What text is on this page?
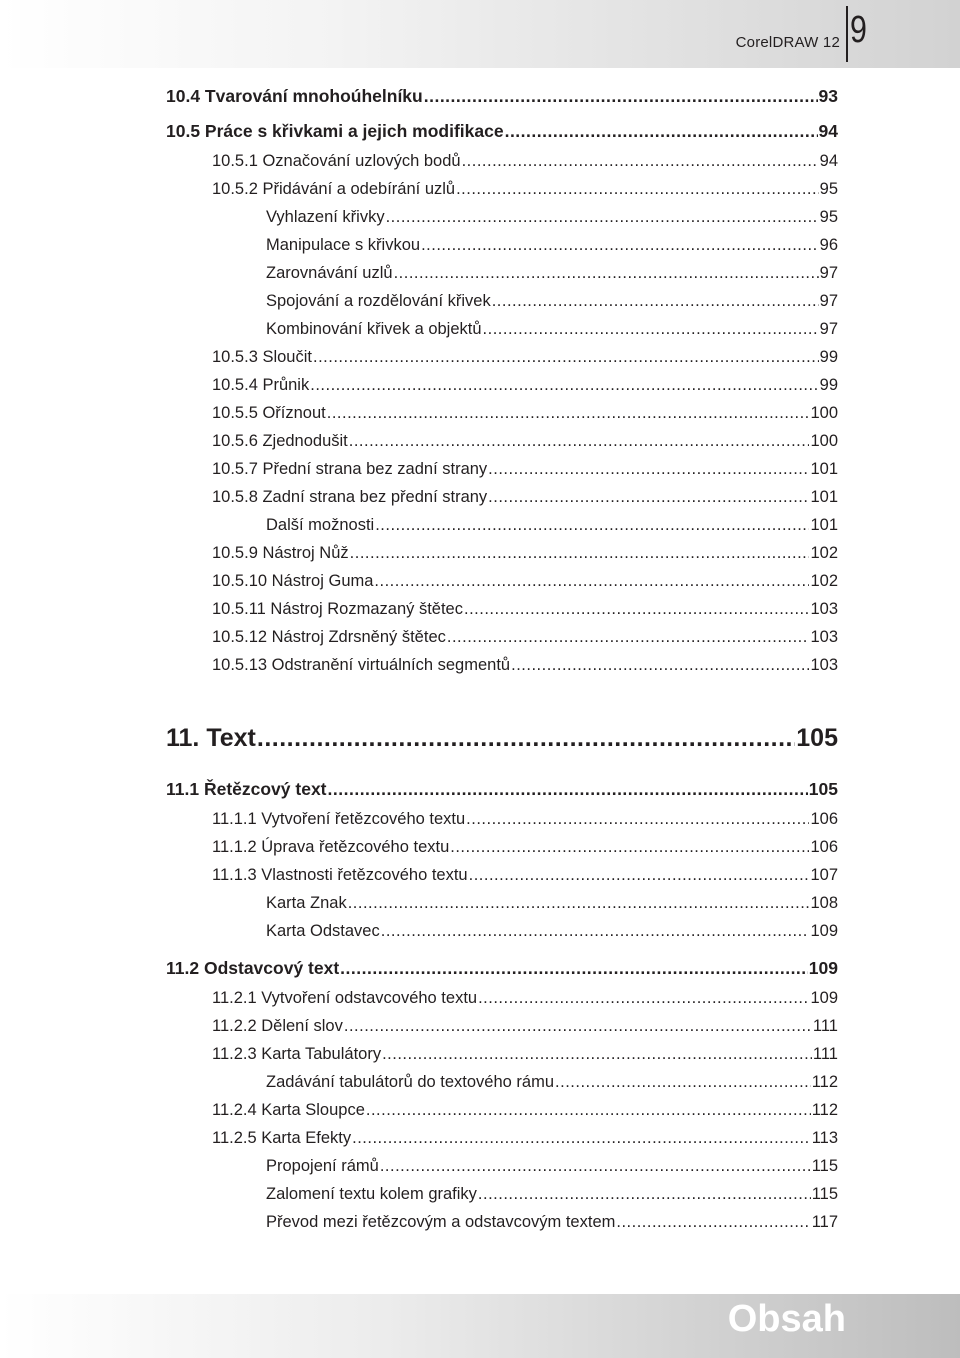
CorelDRAW 12 9
10.4 Tvarování mnohoúhelníku .....	93
10.5 Práce s křivkami a jejich modifikace .....	94
10.5.1 Označování uzlových bodů .....	94
10.5.2 Přidávání a odebírání uzlů .....	95
Vyhlazení křivky .....	95
Manipulace s křivkou .....	96
Zarovnávání uzlů .....	97
Spojování a rozdělování křivek .....	97
Kombinování křivek a objektů .....	97
10.5.3 Sloučit .....	99
10.5.4 Průnik .....	99
10.5.5 Oříznout .....	100
10.5.6 Zjednodušit .....	100
10.5.7 Přední strana bez zadní strany .....	101
10.5.8 Zadní strana bez přední strany .....	101
Další možnosti .....	101
10.5.9 Nástroj Nůž .....	102
10.5.10 Nástroj Guma .....	102
10.5.11 Nástroj Rozmazaný štětec .....	103
10.5.12 Nástroj Zdrsněný štětec .....	103
10.5.13 Odstranění virtuálních segmentů .....	103
11. Text .....	105
11.1 Řetězcový text .....	105
11.1.1 Vytvoření řetězcového textu .....	106
11.1.2 Úprava řetězcového textu .....	106
11.1.3 Vlastnosti řetězcového textu .....	107
Karta Znak .....	108
Karta Odstavec .....	109
11.2 Odstavcový text .....	109
11.2.1 Vytvoření odstavcového textu .....	109
11.2.2 Dělení slov .....	111
11.2.3 Karta Tabulátory .....	111
Zadávání tabulátorů do textového rámu .....	112
11.2.4 Karta Sloupce .....	112
11.2.5 Karta Efekty .....	113
Propojení rámů .....	115
Zalomení textu kolem grafiky .....	115
Převod mezi řetězcovým a odstavcovým textem .....	117
Obsah
